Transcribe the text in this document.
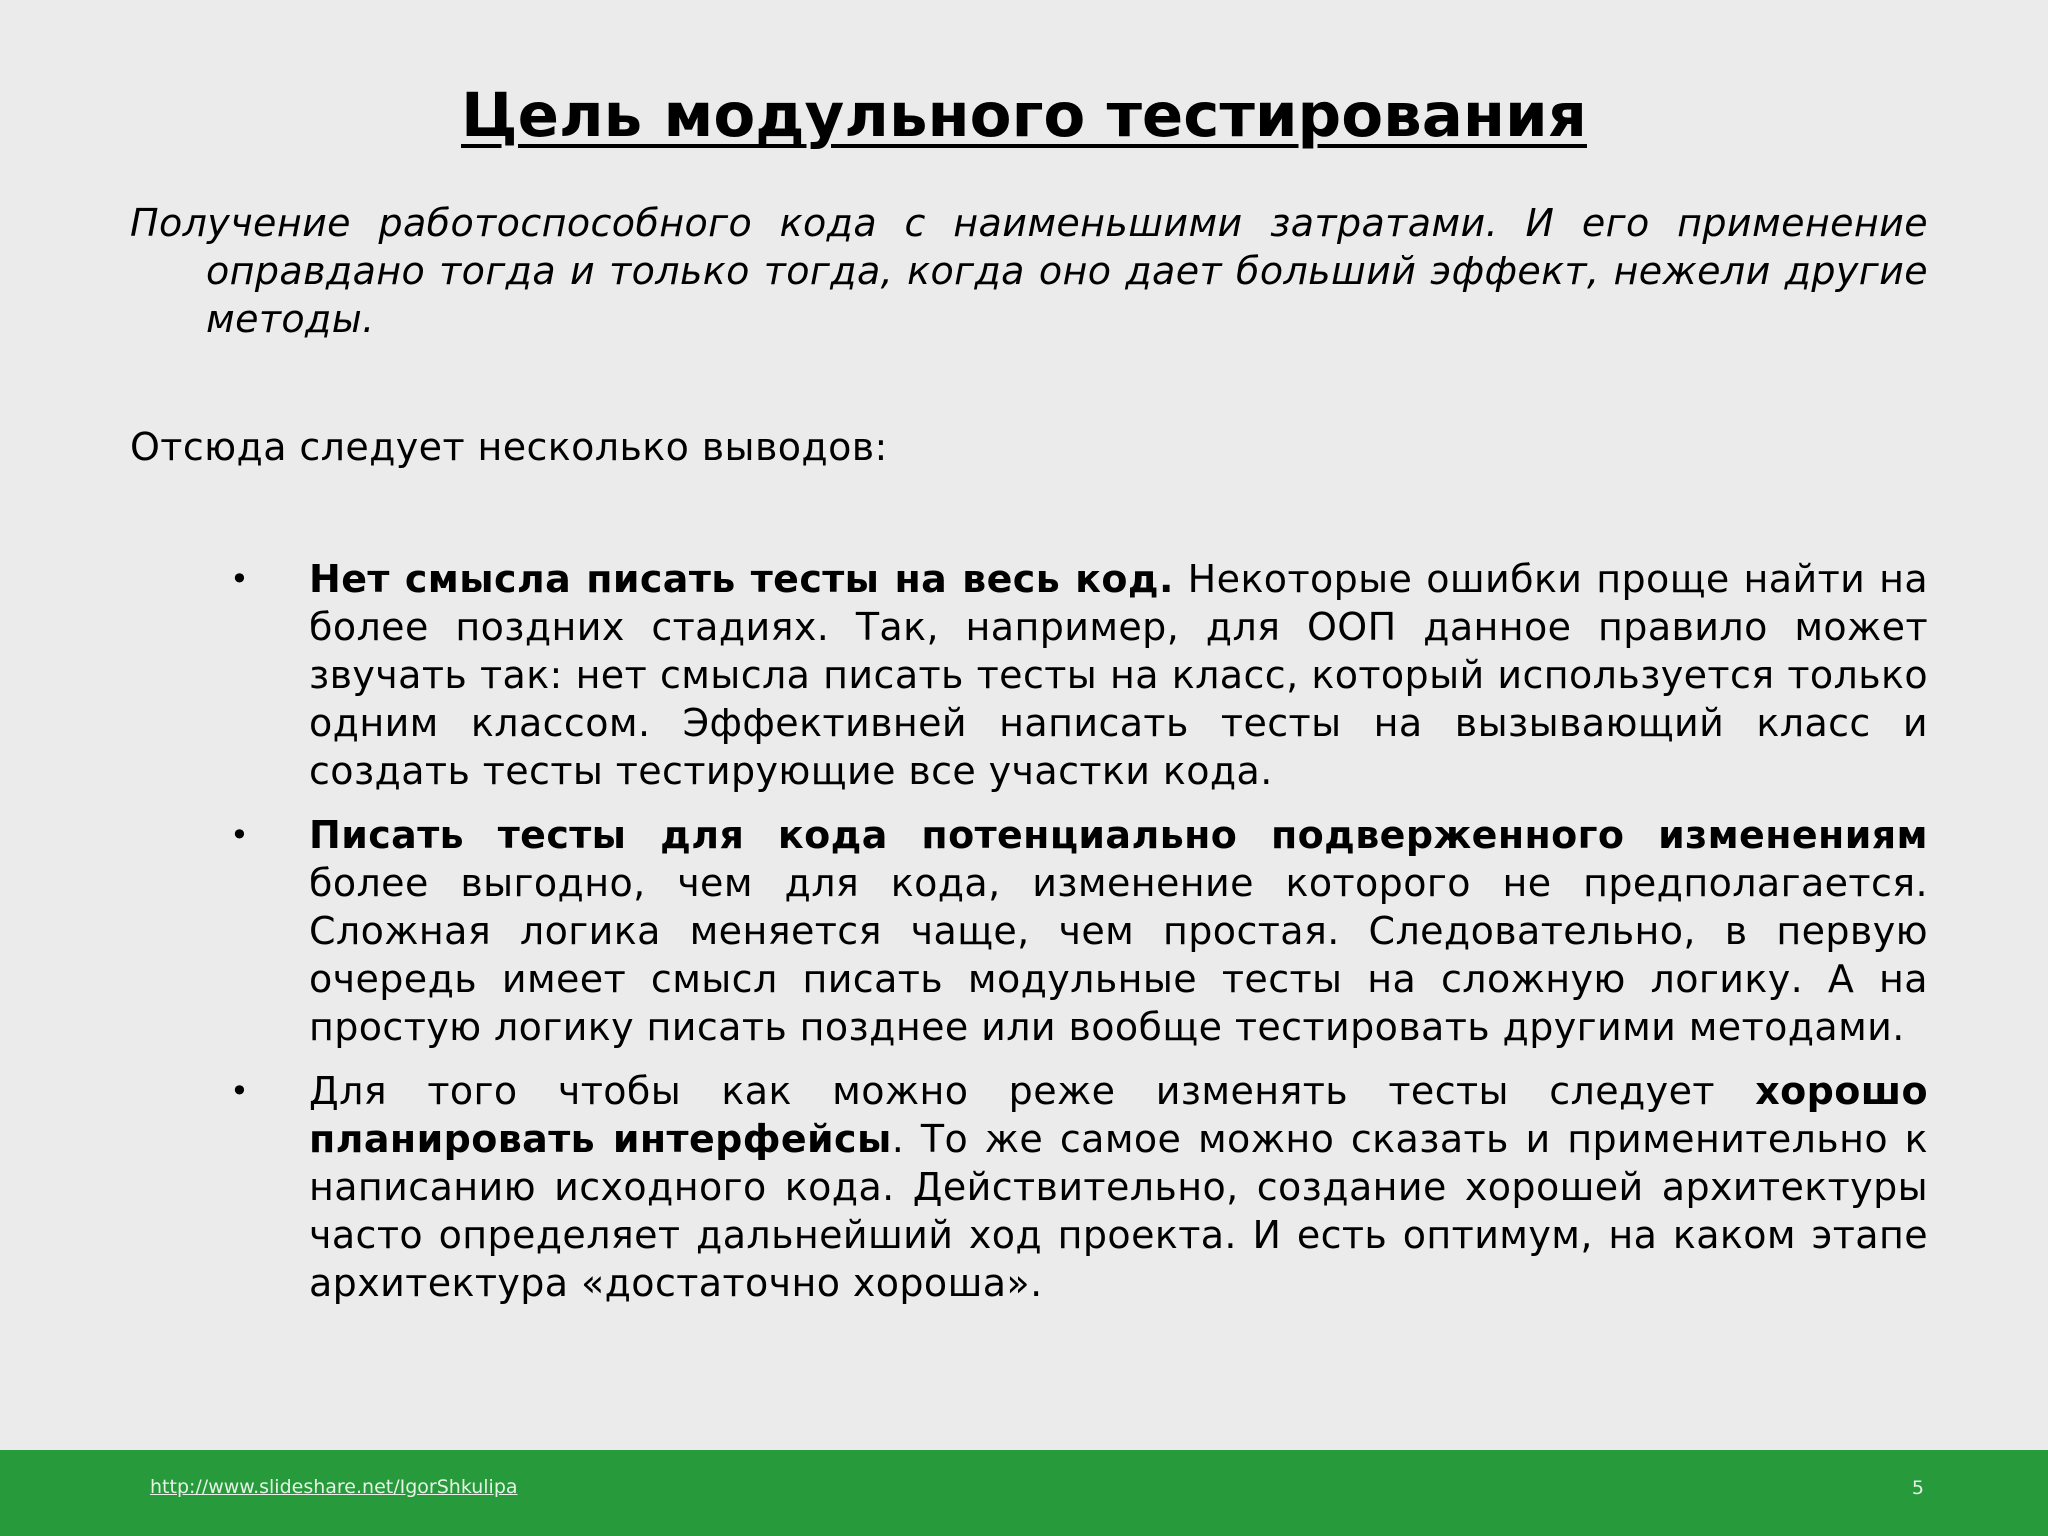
Цель модульного тестирования

Получение работоспособного кода с наименьшими затратами. И его применение оправдано тогда и только тогда, когда оно дает больший эффект, нежели другие методы.

Отсюда следует несколько выводов:

• Нет смысла писать тесты на весь код. Некоторые ошибки проще найти на более поздних стадиях. Так, например, для ООП данное правило может звучать так: нет смысла писать тесты на класс, который используется только одним классом. Эффективней написать тесты на вызывающий класс и создать тесты тестирующие все участки кода.
• Писать тесты для кода потенциально подверженного изменениям более выгодно, чем для кода, изменение которого не предполагается. Сложная логика меняется чаще, чем простая. Следовательно, в первую очередь имеет смысл писать модульные тесты на сложную логику. А на простую логику писать позднее или вообще тестировать другими методами.
• Для того чтобы как можно реже изменять тесты следует хорошо планировать интерфейсы. То же самое можно сказать и применительно к написанию исходного кода. Действительно, создание хорошей архитектуры часто определяет дальнейший ход проекта. И есть оптимум, на каком этапе архитектура «достаточно хороша».
http://www.slideshare.net/IgorShkulipa	5
